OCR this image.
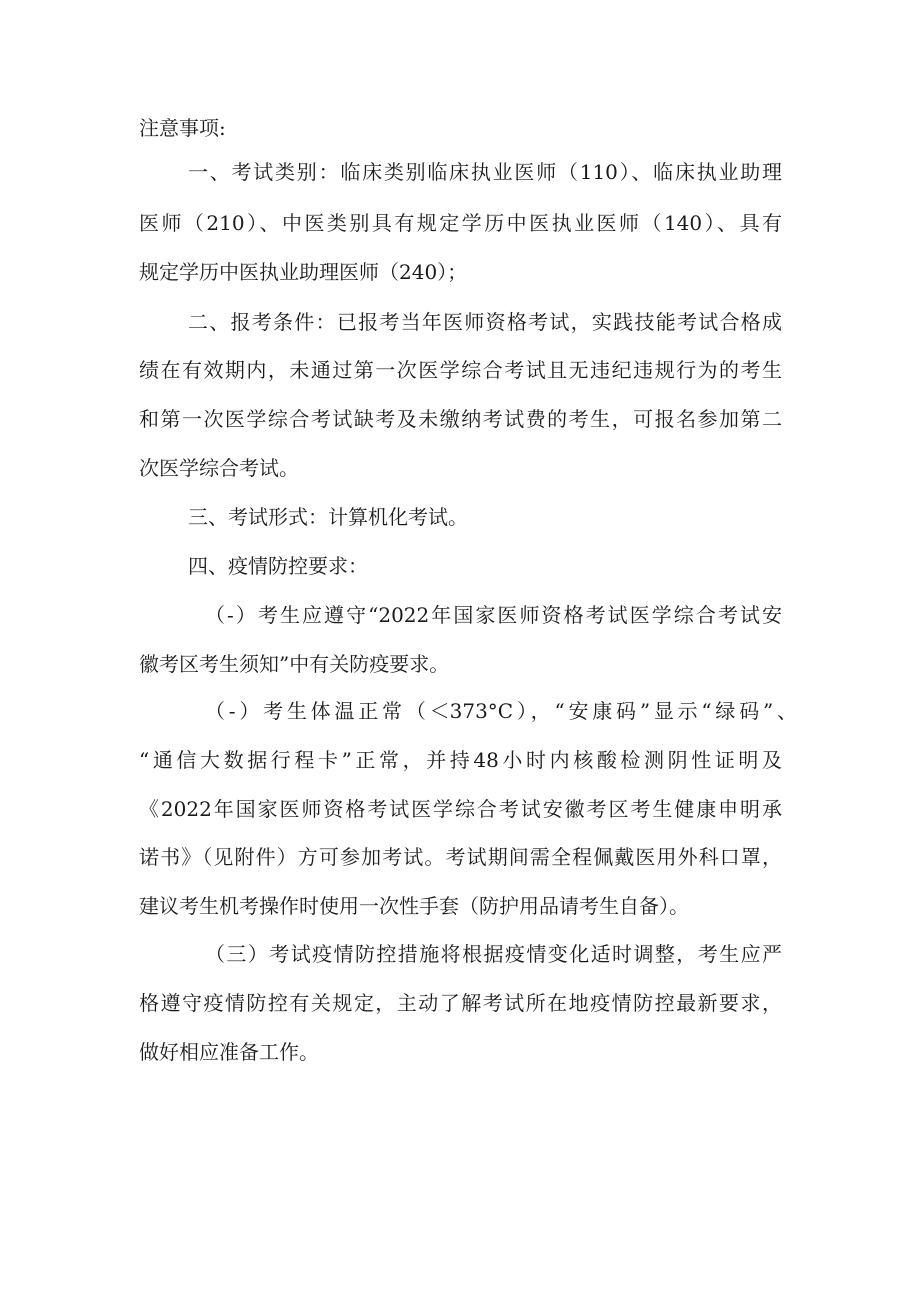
注意事项:
一、考试类别：临床类别临床执业医师（110）、临床执业助理
医师（210）、中医类别具有规定学历中医执业医师（140）、具有
规定学历中医执业助理医师（240）；
二、报考条件：已报考当年医师资格考试，实践技能考试合格成
绩在有效期内，未通过第一次医学综合考试且无违纪违规行为的考生
和第一次医学综合考试缺考及未缴纳考试费的考生，可报名参加第二
次医学综合考试。
三、考试形式：计算机化考试。
四、疫情防控要求：
（-）考生应遵守“2022年国家医师资格考试医学综合考试安
徽考区考生须知”中有关防疫要求。
（-）考生体温正常（＜373°C），“安康码”显示“绿码”、
“通信大数据行程卡”正常，并持48小时内核酸检测阴性证明及
《2022年国家医师资格考试医学综合考试安徽考区考生健康申明承
诺书》（见附件）方可参加考试。考试期间需全程佩戴医用外科口罩，
建议考生机考操作时使用一次性手套（防护用品请考生自备）。
（三）考试疫情防控措施将根据疫情变化适时调整，考生应严
格遵守疫情防控有关规定，主动了解考试所在地疫情防控最新要求，
做好相应准备工作。
